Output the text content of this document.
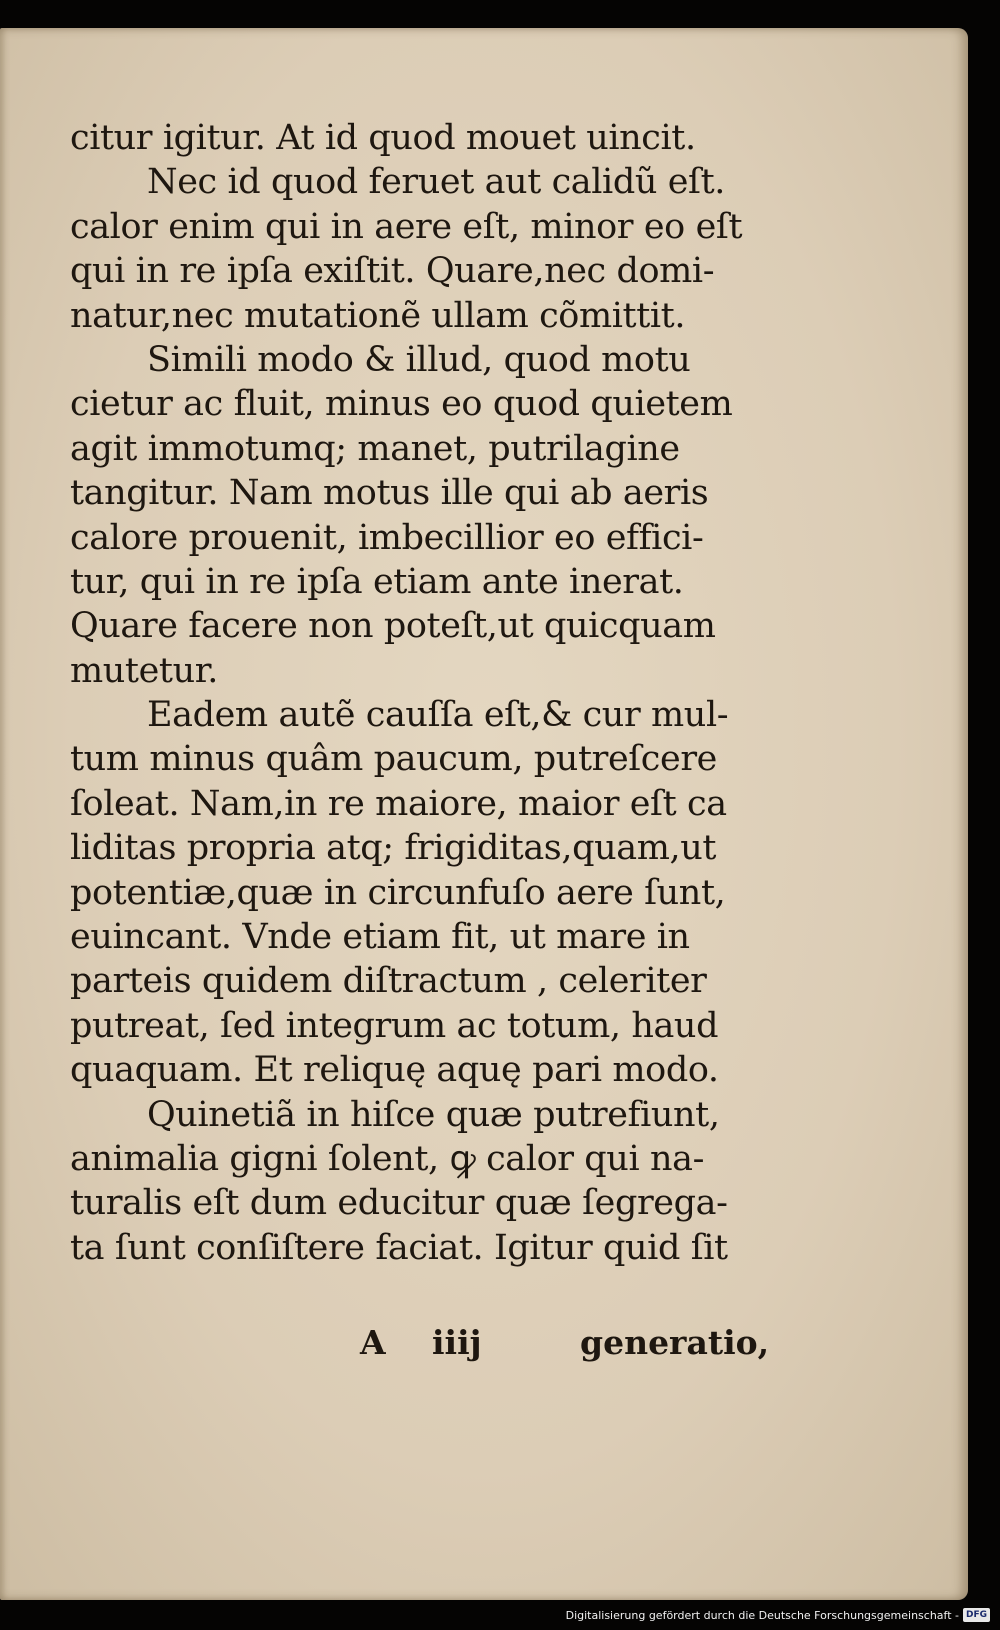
citur igitur. At id quod mouet uincit.
Nec id quod feruet aut calidũ eſt.
calor enim qui in aere eſt, minor eo eſt
qui in re ipſa exiſtit. Quare,nec domi-
natur,nec mutationẽ ullam cõmittit.
Simili modo & illud, quod motu
cietur ac fluit, minus eo quod quietem
agit immotumq; manet, putrilagine
tangitur. Nam motus ille qui ab aeris
calore prouenit, imbecillior eo effici-
tur, qui in re ipſa etiam ante inerat.
Quare facere non poteſt,ut quicquam
mutetur.
Eadem autẽ cauſſa eſt,& cur mul-
tum minus quâm paucum, putreſcere
ſoleat. Nam,in re maiore, maior eſt ca
liditas propria atq; frigiditas,quam,ut
potentiæ,quæ in circunfuſo aere ſunt,
euincant. Vnde etiam fit, ut mare in
parteis quidem diſtractum , celeriter
putreat, ſed integrum ac totum, haud
quaquam. Et reliquę aquę pari modo.
Quinetiã in hiſce quæ putrefiunt,
animalia gigni ſolent, ꝙ calor qui na-
turalis eſt dum educitur quæ ſegrega-
ta ſunt conſiſtere faciat. Igitur quid ſit
A iiij	generatio,
Digitalisierung gefördert durch die Deutsche Forschungsgemeinschaft - DFG
